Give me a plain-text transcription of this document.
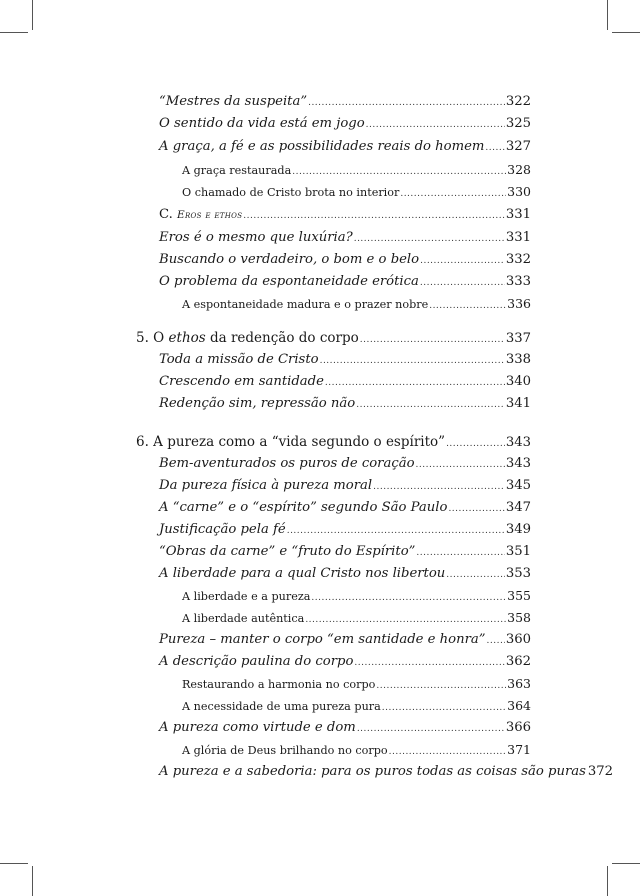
“Mestres da suspeita” .....	322
O sentido da vida está em jogo .....	325
A graça, a fé e as possibilidades reais do homem ..... 327
A graça restaurada .....	328
O chamado de Cristo brota no interior .....	330
C. Eros e ethos .....	331
Eros é o mesmo que luxúria? .....	331
Buscando o verdadeiro, o bom e o belo .....	332
O problema da espontaneidade erótica .....	333
A espontaneidade madura e o prazer nobre .....	336
5. O ethos da redenção do corpo .....	337
Toda a missão de Cristo .....	338
Crescendo em santidade .....	340
Redenção sim, repressão não .....	341
6. A pureza como a “vida segundo o espírito” .....	343
Bem-aventurados os puros de coração .....	343
Da pureza física à pureza moral .....	345
A “carne” e o “espírito” segundo São Paulo .....	347
Justificação pela fé .....	349
“Obras da carne” e “fruto do Espírito” .....	351
A liberdade para a qual Cristo nos libertou .....	353
A liberdade e a pureza .....	355
A liberdade autêntica .....	358
Pureza – manter o corpo “em santidade e honra” ..... 360
A descrição paulina do corpo .....	362
Restaurando a harmonia no corpo .....	363
A necessidade de uma pureza pura .....	364
A pureza como virtude e dom .....	366
A glória de Deus brilhando no corpo .....	371
A pureza e a sabedoria: para os puros todas as coisas são puras 372
